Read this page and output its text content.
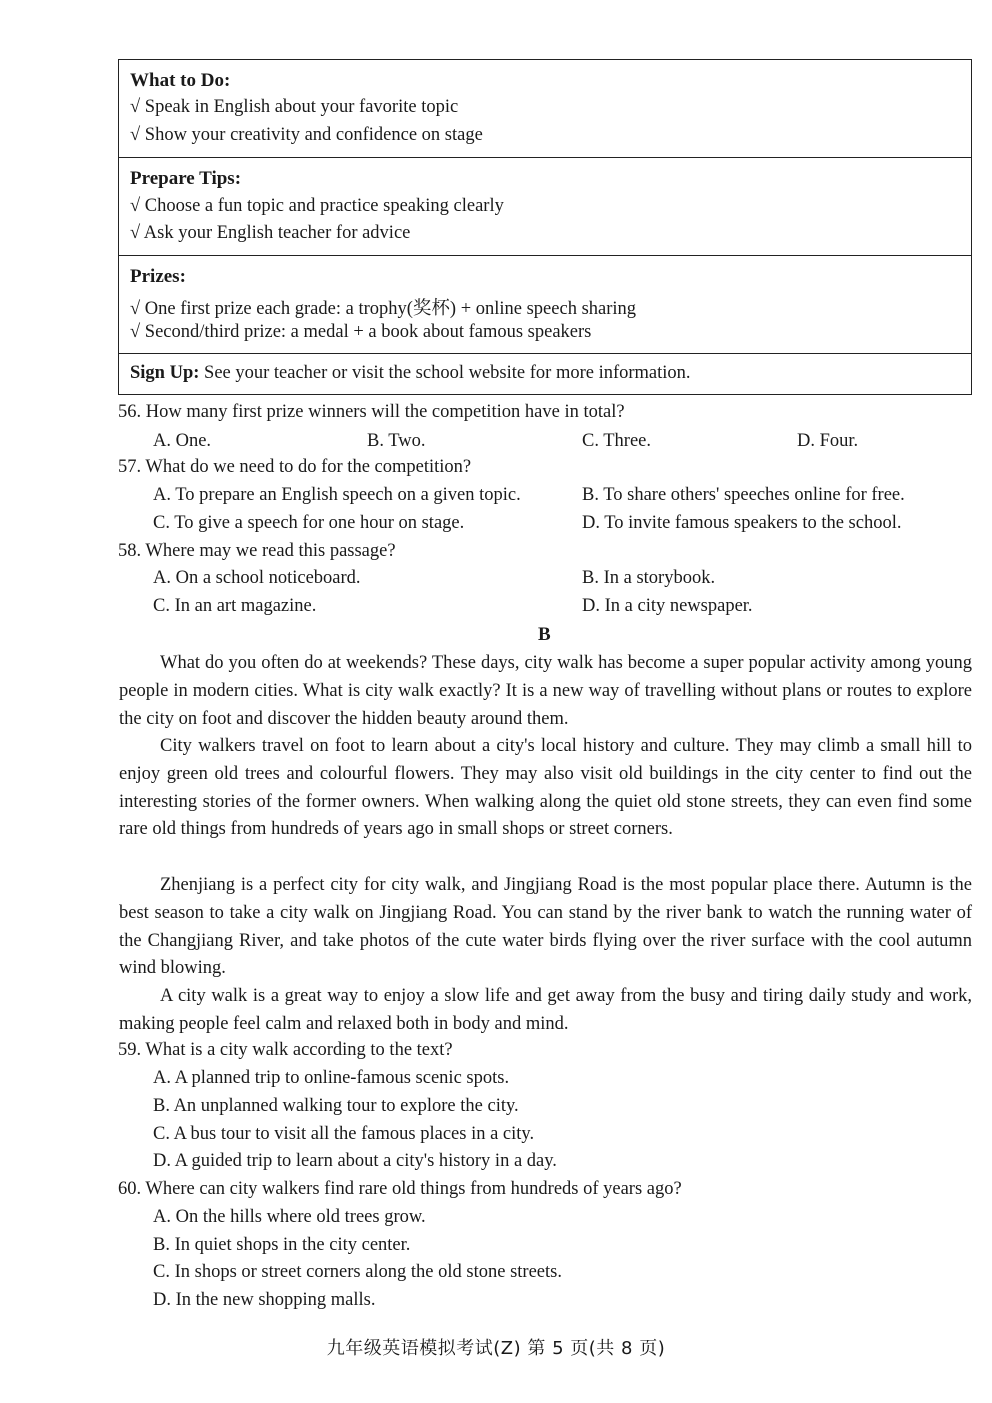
What to Do:
√ Speak in English about your favorite topic
√ Show your creativity and confidence on stage
Prepare Tips:
√ Choose a fun topic and practice speaking clearly
√ Ask your English teacher for advice
Prizes:
√ One first prize each grade: a trophy(奖杯) + online speech sharing
√ Second/third prize: a medal + a book about famous speakers
Sign Up: See your teacher or visit the school website for more information.
56. How many first prize winners will the competition have in total?
A. One.	B. Two.	C. Three.	D. Four.
57. What do we need to do for the competition?
A. To prepare an English speech on a given topic.	B. To share others' speeches online for free.
C. To give a speech for one hour on stage.	D. To invite famous speakers to the school.
58. Where may we read this passage?
A. On a school noticeboard.	B. In a storybook.
C. In an art magazine.	D. In a city newspaper.
B
What do you often do at weekends? These days, city walk has become a super popular activity among young people in modern cities. What is city walk exactly? It is a new way of travelling without plans or routes to explore the city on foot and discover the hidden beauty around them.
City walkers travel on foot to learn about a city's local history and culture. They may climb a small hill to enjoy green old trees and colourful flowers. They may also visit old buildings in the city center to find out the interesting stories of the former owners. When walking along the quiet old stone streets, they can even find some rare old things from hundreds of years ago in small shops or street corners.
Zhenjiang is a perfect city for city walk, and Jingjiang Road is the most popular place there. Autumn is the best season to take a city walk on Jingjiang Road. You can stand by the river bank to watch the running water of the Changjiang River, and take photos of the cute water birds flying over the river surface with the cool autumn wind blowing.
A city walk is a great way to enjoy a slow life and get away from the busy and tiring daily study and work, making people feel calm and relaxed both in body and mind.
59. What is a city walk according to the text?
A. A planned trip to online-famous scenic spots.
B. An unplanned walking tour to explore the city.
C. A bus tour to visit all the famous places in a city.
D. A guided trip to learn about a city's history in a day.
60. Where can city walkers find rare old things from hundreds of years ago?
A. On the hills where old trees grow.
B. In quiet shops in the city center.
C. In shops or street corners along the old stone streets.
D. In the new shopping malls.
九年级英语模拟考试(Z) 第 5 页(共 8 页)
